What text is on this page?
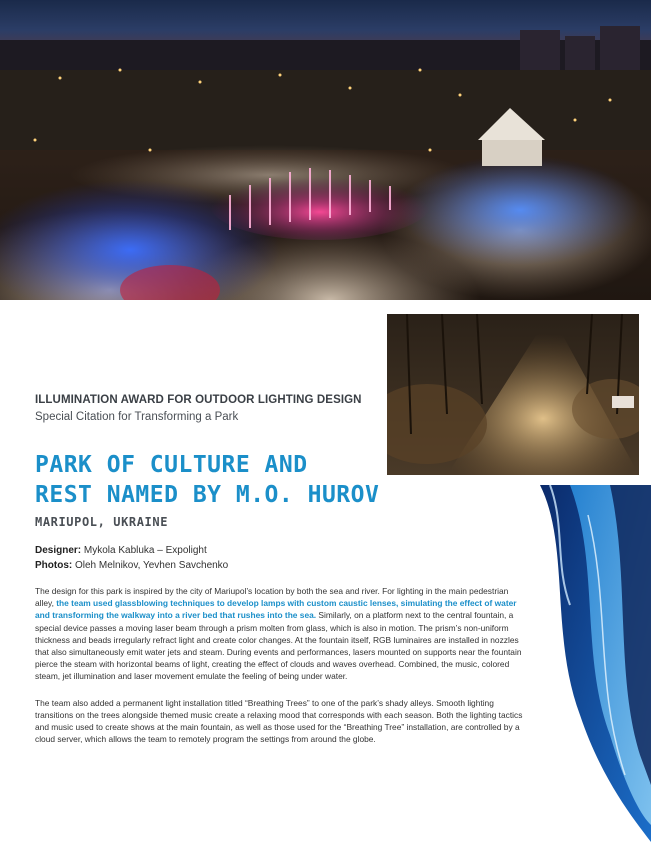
ILLUMINATION AWARD FOR OUTDOOR LIGHTING DESIGN
Special Citation for Transforming a Park
PARK OF CULTURE AND
REST NAMED BY M.O. HUROV
MARIUPOL, UKRAINE
Designer: Mykola Kabluka – Expolight
Photos: Oleh Melnikov, Yevhen Savchenko

The design for this park is inspired by the city of Mariupol’s location by both the sea and river. For lighting in the main pedestrian alley, the team used glassblowing techniques to develop lamps with custom caustic lenses, simulating the effect of water and transforming the walkway into a river bed that rushes into the sea. Similarly, on a platform next to the central fountain, a special device passes a moving laser beam through a prism molten from glass, which is also in motion. The prism’s non-uniform thickness and beads irregularly refract light and create color changes. At the fountain itself, RGB luminaires are installed in nozzles that also simultaneously emit water jets and steam. During events and performances, lasers mounted on supports near the fountain pierce the steam with horizontal beams of light, creating the effect of clouds and waves overhead. Combined, the music, colored steam, jet illumination and laser movement emulate the feeling of being under water.

The team also added a permanent light installation titled “Breathing Trees” to one of the park’s shady alleys. Smooth lighting transitions on the trees alongside themed music create a relaxing mood that corresponds with each season. Both the lighting tactics and music used to create shows at the main fountain, as well as those used for the “Breathing Tree” installation, are controlled by a cloud server, which allows the team to remotely program the settings from around the globe.
